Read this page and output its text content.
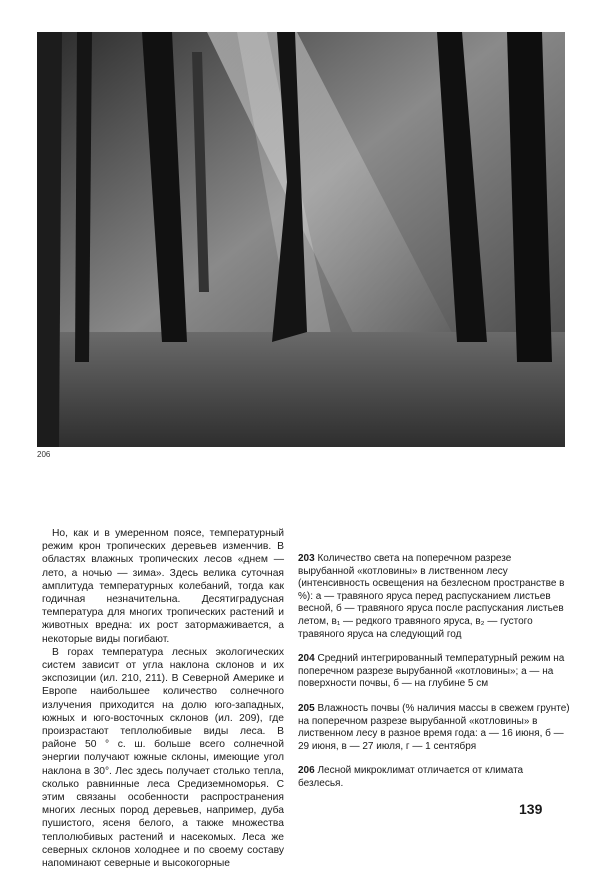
206

Но, как и в умеренном поясе, температурный режим крон тропических деревьев изменчив. В областях влажных тропических лесов «днем — лето, а ночью — зима». Здесь велика суточная амплитуда температурных колебаний, тогда как годичная незначительна. Десятиградусная температура для многих тропических растений и животных вредна: их рост затормаживается, а некоторые виды погибают.

В горах температура лесных экологических систем зависит от угла наклона склонов и их экспозиции (ил. 210, 211). В Северной Америке и Европе наибольшее количество солнечного излучения приходится на долю юго-западных, южных и юго-восточных склонов (ил. 209), где произрастают теплолюбивые виды леса. В районе 50 ° с. ш. больше всего солнечной энергии получают южные склоны, имеющие угол наклона в 30°. Лес здесь получает столько тепла, сколько равнинные леса Средиземноморья. С этим связаны особенности распространения многих лесных пород деревьев, например, дуба пушистого, ясеня белого, а также множества теплолюбивых растений и насекомых. Леса же северных склонов холоднее и по своему составу напоминают северные и высокогорные

203 Количество света на поперечном разрезе вырубанной «котловины» в лиственном лесу (интенсивность освещения на безлесном пространстве в %): а — травяного яруса перед распусканием листьев весной, б — травяного яруса после распускания листьев летом, в₁ — редкого травяного яруса, в₂ — густого травяного яруса на следующий год

204 Средний интегрированный температурный режим на поперечном разрезе вырубанной «котловины»; а — на поверхности почвы, б — на глубине 5 см

205 Влажность почвы (% наличия массы в свежем грунте) на поперечном разрезе вырубанной «котловины» в лиственном лесу в разное время года: а — 16 июня, б — 29 июня, в — 27 июля, г — 1 сентября

206 Лесной микроклимат отличается от климата безлесья.

139
